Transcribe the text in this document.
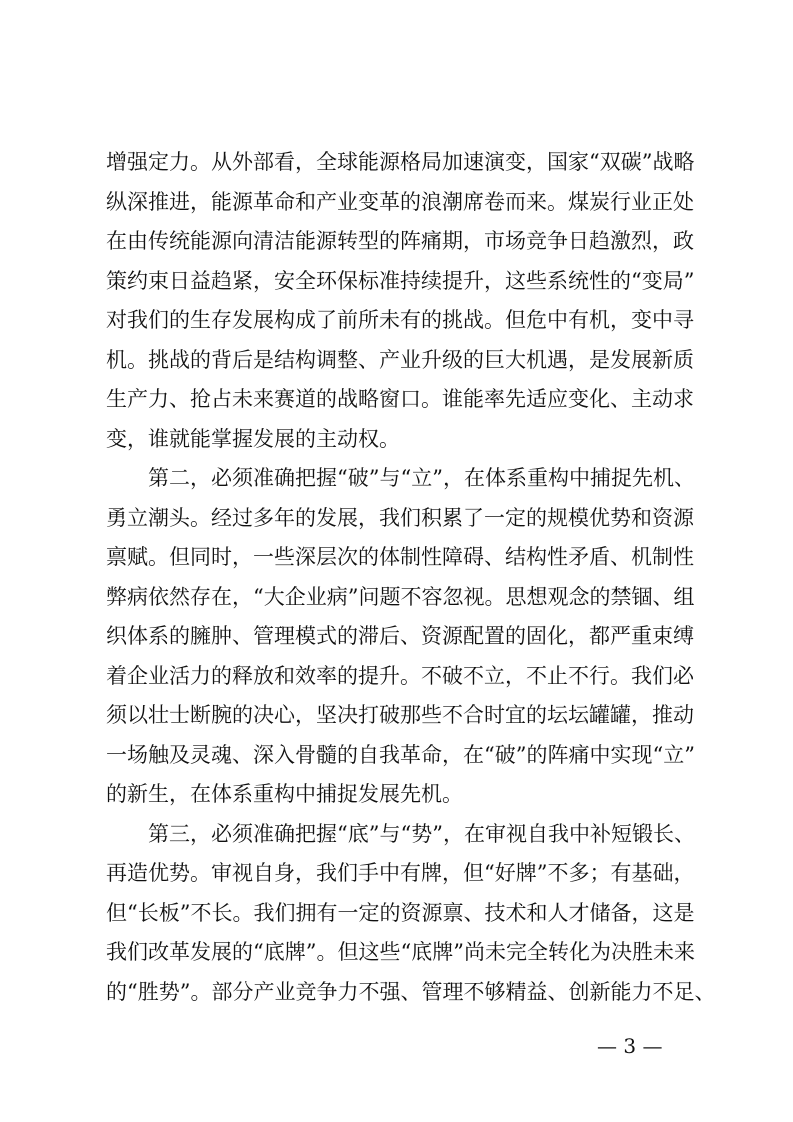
增强定力。从外部看，全球能源格局加速演变，国家“双碳”战略
纵深推进，能源革命和产业变革的浪潮席卷而来。煤炭行业正处
在由传统能源向清洁能源转型的阵痛期，市场竞争日趋激烈，政
策约束日益趋紧，安全环保标准持续提升，这些系统性的“变局”
对我们的生存发展构成了前所未有的挑战。但危中有机，变中寻
机。挑战的背后是结构调整、产业升级的巨大机遇，是发展新质
生产力、抢占未来赛道的战略窗口。谁能率先适应变化、主动求
变，谁就能掌握发展的主动权。
第二，必须准确把握“破”与“立”，在体系重构中捕捉先机、
勇立潮头。经过多年的发展，我们积累了一定的规模优势和资源
禀赋。但同时，一些深层次的体制性障碍、结构性矛盾、机制性
弊病依然存在，“大企业病”问题不容忽视。思想观念的禁锢、组
织体系的臃肿、管理模式的滞后、资源配置的固化，都严重束缚
着企业活力的释放和效率的提升。不破不立，不止不行。我们必
须以壮士断腕的决心，坚决打破那些不合时宜的坛坛罐罐，推动
一场触及灵魂、深入骨髓的自我革命，在“破”的阵痛中实现“立”
的新生，在体系重构中捕捉发展先机。
第三，必须准确把握“底”与“势”，在审视自我中补短锻长、
再造优势。审视自身，我们手中有牌，但“好牌”不多；有基础，
但“长板”不长。我们拥有一定的资源禀、技术和人才储备，这是
我们改革发展的“底牌”。但这些“底牌”尚未完全转化为决胜未来
的“胜势”。部分产业竞争力不强、管理不够精益、创新能力不足、
— 3 —
